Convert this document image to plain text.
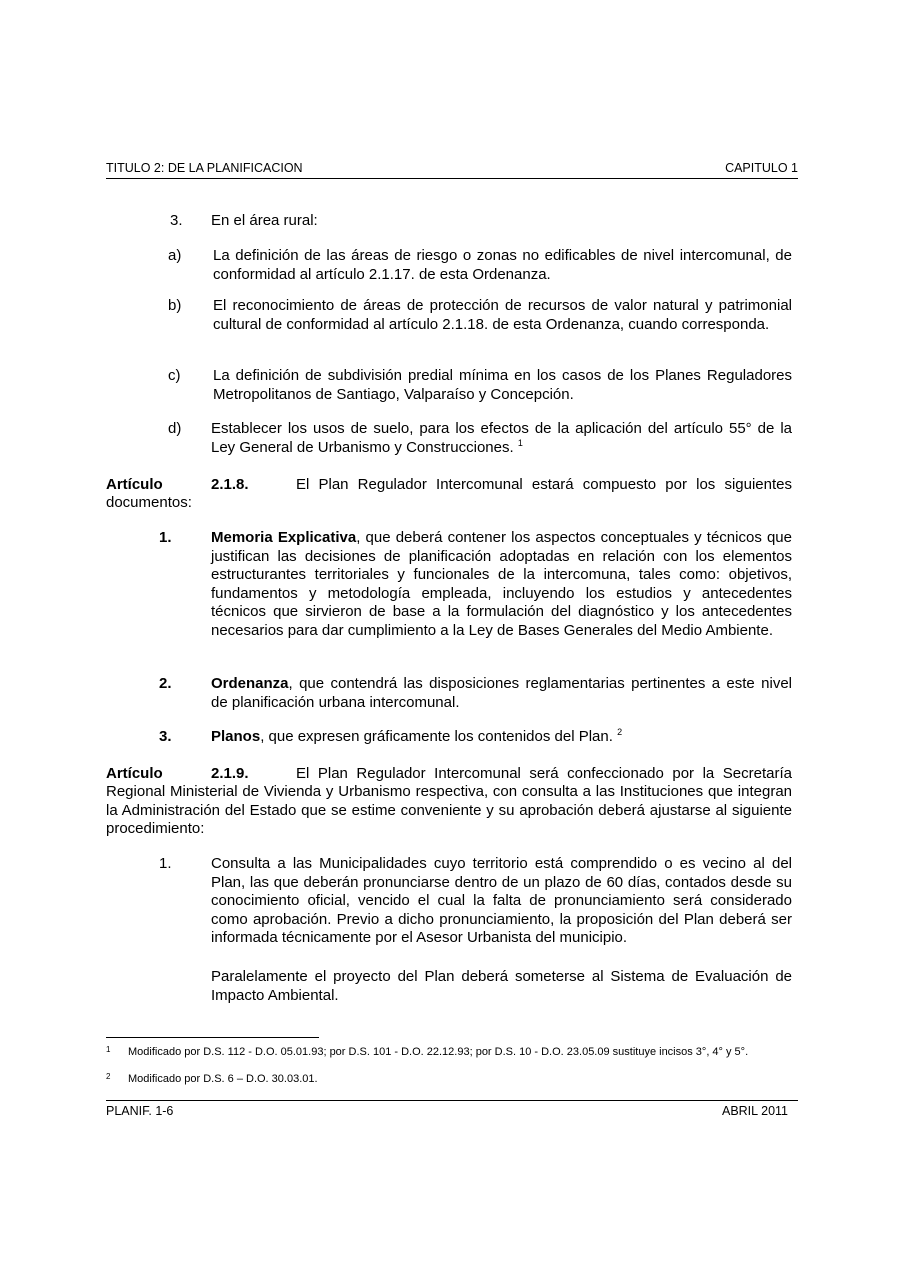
TITULO 2: DE LA PLANIFICACION	CAPITULO 1
3. En el área rural:
a) La definición de las áreas de riesgo o zonas no edificables de nivel intercomunal, de conformidad al artículo 2.1.17. de esta Ordenanza.
b) El reconocimiento de áreas de protección de recursos de valor natural y patrimonial cultural de conformidad al artículo 2.1.18. de esta Ordenanza, cuando corresponda.
c) La definición de subdivisión predial mínima en los casos de los Planes Reguladores Metropolitanos de Santiago, Valparaíso y Concepción.
d) Establecer los usos de suelo, para los efectos de la aplicación del artículo 55° de la Ley General de Urbanismo y Construcciones. $^1$
Artículo	2.1.8.	El Plan Regulador Intercomunal estará compuesto por los siguientes
documentos:
1.	Memoria Explicativa, que deberá contener los aspectos conceptuales y técnicos que justifican las decisiones de planificación adoptadas en relación con los elementos estructurantes territoriales y funcionales de la intercomuna, tales como: objetivos, fundamentos y metodología empleada, incluyendo los estudios y antecedentes técnicos que sirvieron de base a la formulación del diagnóstico y los antecedentes necesarios para dar cumplimiento a la Ley de Bases Generales del Medio Ambiente.
2.	Ordenanza, que contendrá las disposiciones reglamentarias pertinentes a este nivel de planificación urbana intercomunal.
3.	Planos, que expresen gráficamente los contenidos del Plan. $^2$
Artículo	2.1.9.	El Plan Regulador Intercomunal será confeccionado por la Secretaría
Regional Ministerial de Vivienda y Urbanismo respectiva, con consulta a las Instituciones que integran la Administración del Estado que se estime conveniente y su aprobación deberá ajustarse al siguiente procedimiento:
1.	Consulta a las Municipalidades cuyo territorio está comprendido o es vecino al del Plan, las que deberán pronunciarse dentro de un plazo de 60 días, contados desde su conocimiento oficial, vencido el cual la falta de pronunciamiento será considerado como aprobación. Previo a dicho pronunciamiento, la proposición del Plan deberá ser informada técnicamente por el Asesor Urbanista del municipio.
Paralelamente el proyecto del Plan deberá someterse al Sistema de Evaluación de Impacto Ambiental.
1 Modificado por D.S. 112 - D.O. 05.01.93; por D.S. 101 - D.O. 22.12.93; por D.S. 10 - D.O. 23.05.09 sustituye incisos 3°, 4° y 5°.
2 Modificado por D.S. 6 – D.O. 30.03.01.
PLANIF. 1-6	ABRIL 2011
